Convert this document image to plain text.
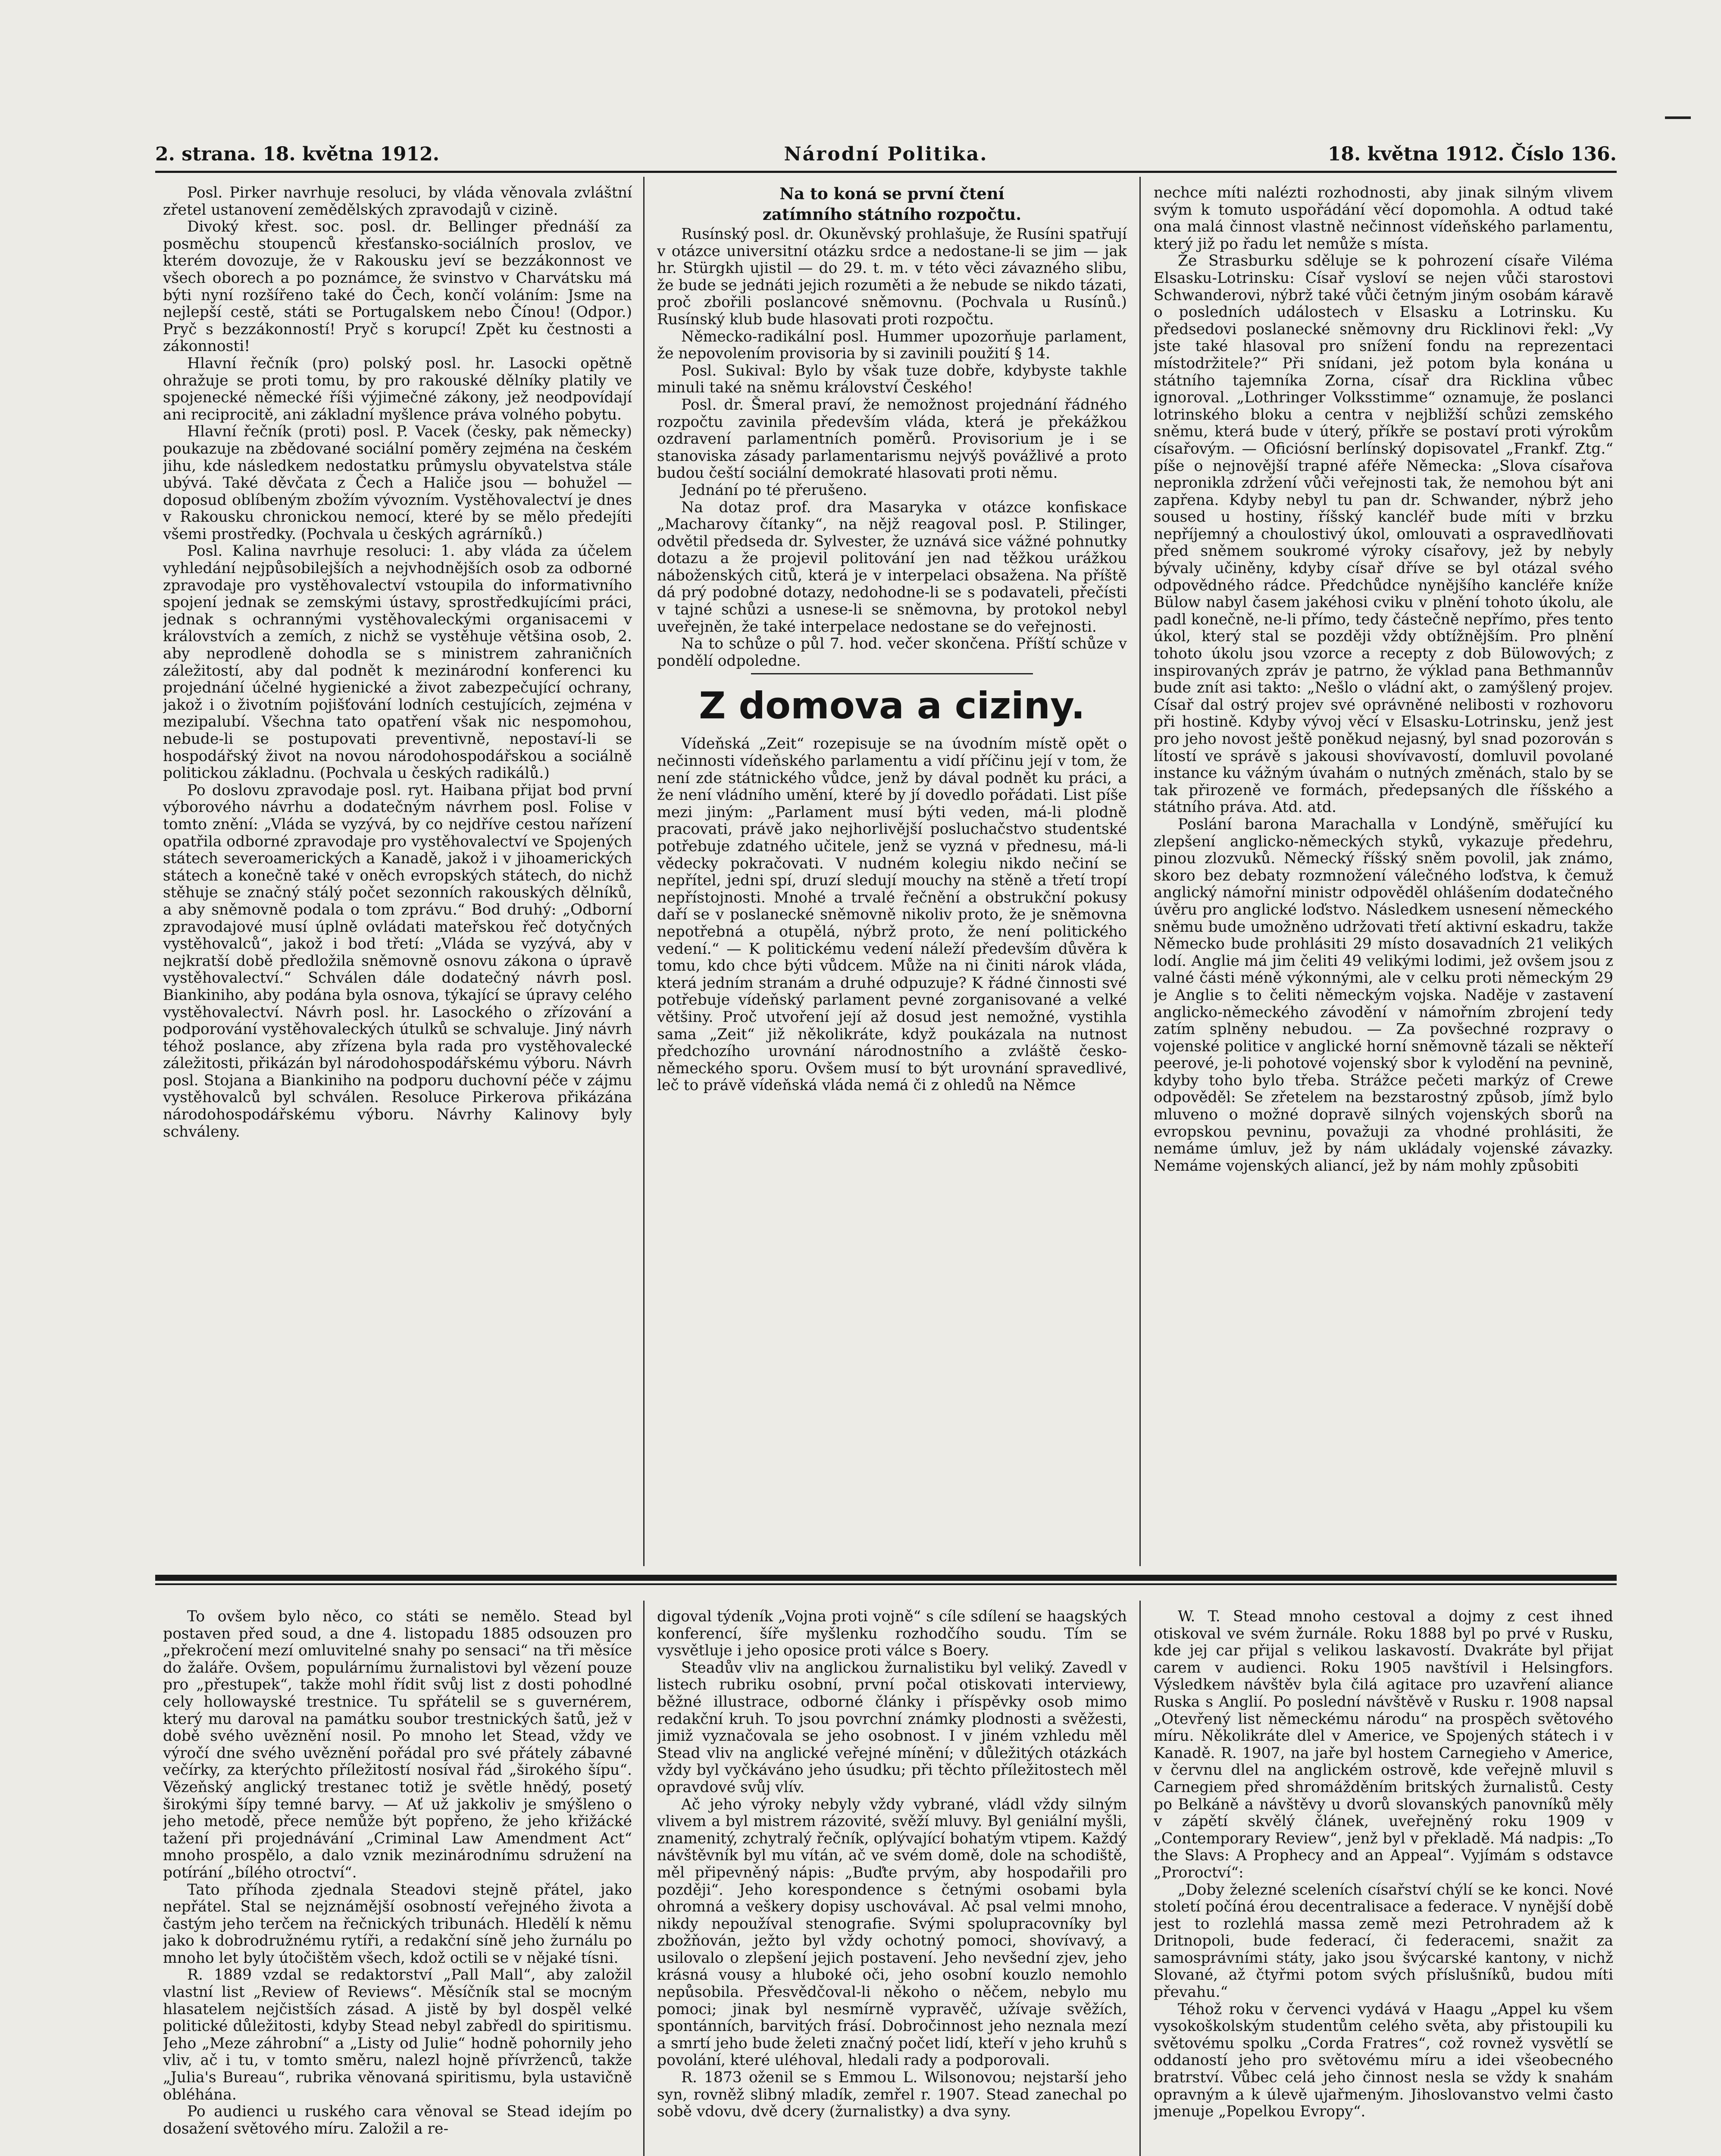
2. strana. 18. května 1912.	Národní Politika.	18. května 1912. Číslo 136.

Posl. Pirker navrhuje resoluci, by vláda věnovala zvláštní zřetel ustanovení zemědělských zpravodajů v cizině.

Divoký křest. soc. posl. dr. Bellinger přednáší za posměchu stoupenců křesťansko-sociálních proslov, ve kterém dovozuje, že v Rakousku jeví se bezzákonnost ve všech oborech a po poznámce, že svinstvo v Charvátsku má býti nyní rozšířeno také do Čech, končí voláním: Jsme na nejlepší cestě, státi se Portugalskem nebo Čínou! (Odpor.) Pryč s bezzákonností! Pryč s korupcí! Zpět ku čestnosti a zákonnosti!

Hlavní řečník (pro) polský posl. hr. Lasocki opětně ohražuje se proti tomu, by pro rakouské dělníky platily ve spojenecké německé říši výjimečné zákony, jež neodpovídají ani reciprocitě, ani základní myšlence práva volného pobytu.

Hlavní řečník (proti) posl. P. Vacek (česky, pak německy) poukazuje na zbědované sociální poměry zejména na českém jihu, kde následkem nedostatku průmyslu obyvatelstva stále ubývá. Také děvčata z Čech a Haliče jsou — bohužel — doposud oblíbeným zbožím vývozním. Vystěhovalectví je dnes v Rakousku chronickou nemocí, které by se mělo předejíti všemi prostředky. (Pochvala u českých agrárníků.)

Posl. Kalina navrhuje resoluci: 1. aby vláda za účelem vyhledání nejpůsobilejších a nejvhodnějších osob za odborné zpravodaje pro vystěhovalectví vstoupila do informativního spojení jednak se zemskými ústavy, sprostředkujícími práci, jednak s ochrannými vystěhovaleckými organisacemi v královstvích a zemích, z nichž se vystěhuje většina osob, 2. aby neprodleně dohodla se s ministrem zahraničních záležitostí, aby dal podnět k mezinárodní konferenci ku projednání účelné hygienické a život zabezpečující ochrany, jakož i o životním pojišťování lodních cestujících, zejména v mezipalubí. Všechna tato opatření však nic nespomohou, nebude-li se postupovati preventivně, nepostaví-li se hospodářský život na novou národohospodářskou a sociálně politickou základnu. (Pochvala u českých radikálů.)

Po doslovu zpravodaje posl. ryt. Haibana přijat bod první výborového návrhu a dodatečným návrhem posl. Folise v tomto znění: „Vláda se vyzývá, by co nejdříve cestou nařízení opatřila odborné zpravodaje pro vystěhovalectví ve Spojených státech severoamerických a Kanadě, jakož i v jihoamerických státech a konečně také v oněch evropských státech, do nichž stěhuje se značný stálý počet sezonních rakouských dělníků, a aby sněmovně podala o tom zprávu.“ Bod druhý: „Odborní zpravodajové musí úplně ovládati mateřskou řeč dotyčných vystěhovalců“, jakož i bod třetí: „Vláda se vyzývá, aby v nejkratší době předložila sněmovně osnovu zákona o úpravě vystěhovalectví.“ Schválen dále dodatečný návrh posl. Biankiniho, aby podána byla osnova, týkající se úpravy celého vystěhovalectví. Návrh posl. hr. Lasockého o zřízování a podporování vystěhovaleckých útulků se schvaluje. Jiný návrh téhož poslance, aby zřízena byla rada pro vystěhovalecké záležitosti, přikázán byl národohospodářskému výboru. Návrh posl. Stojana a Biankiniho na podporu duchovní péče v zájmu vystěhovalců byl schválen. Resoluce Pirkerova přikázána národohospodářskému výboru. Návrhy Kalinovy byly schváleny.

Na to koná se první čtení
zatímního státního rozpočtu.

Rusínský posl. dr. Okuněvský prohlašuje, že Rusíni spatřují v otázce universitní otázku srdce a nedostane-li se jim — jak hr. Stürgkh ujistil — do 29. t. m. v této věci závazného slibu, že bude se jednáti jejich rozuměti a že nebude se nikdo tázati, proč zbořili poslancové sněmovnu. (Pochvala u Rusínů.) Rusínský klub bude hlasovati proti rozpočtu.

Německo-radikální posl. Hummer upozorňuje parlament, že nepovolením provisoria by si zavinili použití § 14.

Posl. Sukival: Bylo by však tuze dobře, kdybyste takhle minuli také na sněmu království Českého!

Posl. dr. Šmeral praví, že nemožnost projednání řádného rozpočtu zavinila především vláda, která je překážkou ozdravení parlamentních poměrů. Provisorium je i se stanoviska zásady parlamentarismu nejvýš povážlivé a proto budou čeští sociální demokraté hlasovati proti němu.

Jednání po té přerušeno.

Na dotaz prof. dra Masaryka v otázce konfiskace „Macharovy čítanky“, na nějž reagoval posl. P. Stilinger, odvětil předseda dr. Sylvester, že uznává sice vážné pohnutky dotazu a že projevil politování jen nad těžkou urážkou náboženských citů, která je v interpelaci obsažena. Na příště dá prý podobné dotazy, nedohodne-li se s podavateli, přečísti v tajné schůzi a usnese-li se sněmovna, by protokol nebyl uveřejněn, že také interpelace nedostane se do veřejnosti.

Na to schůze o půl 7. hod. večer skončena. Příští schůze v pondělí odpoledne.

Z domova a ciziny.

Vídeňská „Zeit“ rozepisuje se na úvodním místě opět o nečinnosti vídeňského parlamentu a vidí příčinu její v tom, že není zde státnického vůdce, jenž by dával podnět ku práci, a že není vládního umění, které by jí dovedlo pořádati. List píše mezi jiným: „Parlament musí býti veden, má-li plodně pracovati, právě jako nejhorlivější posluchačstvo studentské potřebuje zdatného učitele, jenž se vyzná v přednesu, má-li vědecky pokračovati. V nudném kolegiu nikdo nečiní se nepřítel, jedni spí, druzí sledují mouchy na stěně a třetí tropí nepřístojnosti. Mnohé a trvalé řečnění a obstrukční pokusy daří se v poslanecké sněmovně nikoliv proto, že je sněmovna nepotřebná a otupělá, nýbrž proto, že není politického vedení.“ — K politickému vedení náleží především důvěra k tomu, kdo chce býti vůdcem. Může na ni činiti nárok vláda, která jedním stranám a druhé odpuzuje? K řádné činnosti své potřebuje vídeňský parlament pevné zorganisované a velké většiny. Proč utvoření její až dosud jest nemožné, vystihla sama „Zeit“ již několikráte, když poukázala na nutnost předchozího urovnání národnostního a zvláště česko-německého sporu. Ovšem musí to být urovnání spravedlivé, leč to právě vídeňská vláda nemá či z ohledů na Němce

nechce míti nalézti rozhodnosti, aby jinak silným vlivem svým k tomuto uspořádání věcí dopomohla. A odtud také ona malá činnost vlastně nečinnost vídeňského parlamentu, který již po řadu let nemůže s místa.

Že Strasburku sděluje se k pohrození císaře Viléma Elsasku-Lotrinsku: Císař vysloví se nejen vůči starostovi Schwanderovi, nýbrž také vůči četným jiným osobám káravě o posledních událostech v Elsasku a Lotrinsku. Ku předsedovi poslanecké sněmovny dru Ricklinovi řekl: „Vy jste také hlasoval pro snížení fondu na reprezentaci místodržitele?“ Při snídani, jež potom byla konána u státního tajemníka Zorna, císař dra Ricklina vůbec ignoroval. „Lothringer Volksstimme“ oznamuje, že poslanci lotrinského bloku a centra v nejbližší schůzi zemského sněmu, která bude v úterý, příkře se postaví proti výrokům císařovým. — Oficiósní berlínský dopisovatel „Frankf. Ztg.“ píše o nejnovější trapné aféře Německa: „Slova císařova nepronikla zdržení vůči veřejnosti tak, že nemohou být ani zapřena. Kdyby nebyl tu pan dr. Schwander, nýbrž jeho soused u hostiny, říšský kancléř bude míti v brzku nepříjemný a choulostivý úkol, omlouvati a ospravedlňovati před sněmem soukromé výroky císařovy, jež by nebyly bývaly učiněny, kdyby císař dříve se byl otázal svého odpovědného rádce. Předchůdce nynějšího kancléře kníže Bülow nabyl časem jakéhosi cviku v plnění tohoto úkolu, ale padl konečně, ne-li přímo, tedy částečně nepřímo, přes tento úkol, který stal se později vždy obtížnějším. Pro plnění tohoto úkolu jsou vzorce a recepty z dob Bülowových; z inspirovaných zpráv je patrno, že výklad pana Bethmannův bude znít asi takto: „Nešlo o vládní akt, o zamýšlený projev. Císař dal ostrý projev své oprávněné nelibosti v rozhovoru při hostině. Kdyby vývoj věcí v Elsasku-Lotrinsku, jenž jest pro jeho novost ještě poněkud nejasný, byl snad pozorován s lítostí ve správě s jakousi shovívavostí, domluvil povolané instance ku vážným úvahám o nutných změnách, stalo by se tak přirozeně ve formách, předepsaných dle říšského a státního práva. Atd. atd.

Poslání barona Marachalla v Londýně, směřující ku zlepšení anglicko-německých styků, vykazuje předehru, pinou zlozvuků. Německý říšský sněm povolil, jak známo, skoro bez debaty rozmnožení válečného loďstva, k čemuž anglický námořní ministr odpověděl ohlášením dodatečného úvěru pro anglické loďstvo. Následkem usnesení německého sněmu bude umožněno udržovati třetí aktivní eskadru, takže Německo bude prohlásiti 29 místo dosavadních 21 velikých lodí. Anglie má jim čeliti 49 velikými lodimi, jež ovšem jsou z valné části méně výkonnými, ale v celku proti německým 29 je Anglie s to čeliti německým vojska. Naděje v zastavení anglicko-německého závodění v námořním zbrojení tedy zatím splněny nebudou. — Za povšechné rozpravy o vojenské politice v anglické horní sněmovně tázali se někteří peerové, je-li pohotové vojenský sbor k vylodění na pevnině, kdyby toho bylo třeba. Strážce pečeti markýz of Crewe odpověděl: Se zřetelem na bezstarostný způsob, jímž bylo mluveno o možné dopravě silných vojenských sborů na evropskou pevninu, považuji za vhodné prohlásiti, že nemáme úmluv, jež by nám ukládaly vojenské závazky. Nemáme vojenských aliancí, jež by nám mohly způsobiti

To ovšem bylo něco, co státi se nemělo. Stead byl postaven před soud, a dne 4. listopadu 1885 odsouzen pro „překročení mezí omluvitelné snahy po sensaci“ na tři měsíce do žaláře. Ovšem, populárnímu žurnalistovi byl vězení pouze pro „přestupek“, takže mohl řídit svůj list z dosti pohodlné cely hollowayské trestnice. Tu spřátelil se s guvernérem, který mu daroval na památku soubor trestnických šatů, jež v době svého uvěznění nosil. Po mnoho let Stead, vždy ve výročí dne svého uvěznění pořádal pro své přátely zábavné večírky, za kterýchto příležitostí nosíval řád „širokého šípu“. Vězeňský anglický trestanec totiž je světle hnědý, posetý širokými šípy temné barvy. — Ať už jakkoliv je smýšleno o jeho metodě, přece nemůže být popřeno, že jeho křižácké tažení při projednávání „Criminal Law Amendment Act“ mnoho prospělo, a dalo vznik mezinárodnímu sdružení na potírání „bílého otroctví“.

Tato příhoda zjednala Steadovi stejně přátel, jako nepřátel. Stal se nejznámější osobností veřejného života a častým jeho terčem na řečnických tribunách. Hledělí k němu jako k dobrodružnému rytíři, a redakční síně jeho žurnálu po mnoho let byly útočištěm všech, kdož octili se v nějaké tísni.

R. 1889 vzdal se redaktorství „Pall Mall“, aby založil vlastní list „Review of Reviews“. Měsíčník stal se mocným hlasatelem nejčistších zásad. A jistě by byl dospěl velké politické důležitosti, kdyby Stead nebyl zabředl do spiritismu. Jeho „Meze záhrobní“ a „Listy od Julie“ hodně pohornily jeho vliv, ač i tu, v tomto směru, nalezl hojně přívrženců, takže „Julia's Bureau“, rubrika věnovaná spiritismu, byla ustavičně obléhána.

Po audienci u ruského cara věnoval se Stead idejím po dosažení světového míru. Založil a re-

digoval týdeník „Vojna proti vojně“ s cíle sdílení se haagských konferencí, šíře myšlenku rozhodčího soudu. Tím se vysvětluje i jeho oposice proti válce s Boery.

Steadův vliv na anglickou žurnalistiku byl veliký. Zavedl v listech rubriku osobní, první počal otiskovati interviewy, běžné illustrace, odborné články i příspěvky osob mimo redakční kruh. To jsou povrchní známky plodnosti a svěžesti, jimiž vyznačovala se jeho osobnost. I v jiném vzhledu měl Stead vliv na anglické veřejné mínění; v důležitých otázkách vždy byl vyčkáváno jeho úsudku; při těchto příležitostech měl opravdové svůj vlív.

Ač jeho výroky nebyly vždy vybrané, vládl vždy silným vlivem a byl mistrem rázovité, svěží mluvy. Byl geniální myšli, znamenitý, zchytralý řečník, oplývající bohatým vtipem. Každý návštěvník byl mu vítán, ač ve svém domě, dole na schodiště, měl připevněný nápis: „Buďte prvým, aby hospodařili pro později“. Jeho korespondence s četnými osobami byla ohromná a veškery dopisy uschovával. Ač psal velmi mnoho, nikdy nepoužíval stenografie. Svými spolupracovníky byl zbožňován, ježto byl vždy ochotný pomoci, shovívavý, a usilovalo o zlepšení jejich postavení. Jeho nevšední zjev, jeho krásná vousy a hluboké oči, jeho osobní kouzlo nemohlo nepůsobila. Přesvědčoval-li někoho o něčem, nebylo mu pomoci; jinak byl nesmírně vypravěč, užívaje svěžích, spontánních, barvitých frásí. Dobročinnost jeho neznala mezí a smrtí jeho bude želeti značný počet lidí, kteří v jeho kruhů s povolání, které uléhoval, hledali rady a podporovali.

R. 1873 oženil se s Emmou L. Wilsonovou; nejstarší jeho syn, rovněž slibný mladík, zemřel r. 1907. Stead zanechal po sobě vdovu, dvě dcery (žurnalistky) a dva syny.

W. T. Stead mnoho cestoval a dojmy z cest ihned otiskoval ve svém žurnále. Roku 1888 byl po prvé v Rusku, kde jej car přijal s velikou laskavostí. Dvakráte byl přijat carem v audienci. Roku 1905 navštívil i Helsingfors. Výsledkem návštěv byla čilá agitace pro uzavření aliance Ruska s Anglií. Po poslední návštěvě v Rusku r. 1908 napsal „Otevřený list německému národu“ na prospěch světového míru. Několikráte dlel v Americe, ve Spojených státech i v Kanadě. R. 1907, na jaře byl hostem Carnegieho v Americe, v červnu dlel na anglickém ostrově, kde veřejně mluvil s Carnegiem před shromážděním britských žurnalistů. Cesty po Belkáně a návštěvy u dvorů slovanských panovníků měly v zápětí skvělý článek, uveřejněný roku 1909 v „Contemporary Review“, jenž byl v překladě. Má nadpis: „To the Slavs: A Prophecy and an Appeal“. Vyjímám s odstavce „Proroctví“:

„Doby železné sceleních císařství chýlí se ke konci. Nové století počíná érou decentralisace a federace. V nynější době jest to rozlehlá massa země mezi Petrohradem až k Dritnopoli, bude federací, či federacemi, snažit za samosprávními státy, jako jsou švýcarské kantony, v nichž Slované, až čtyřmi potom svých příslušníků, budou míti převahu.“

Téhož roku v červenci vydává v Haagu „Appel ku všem vysokoškolským studentům celého světa, aby přistoupili ku světovému spolku „Corda Fratres“, což rovnež vysvětlí se oddaností jeho pro světovému míru a idei všeobecného bratrství. Vůbec celá jeho činnost nesla se vždy k snahám opravným a k úlevě ujařmeným. Jihoslovanstvo velmi často jmenuje „Popelkou Evropy“.
